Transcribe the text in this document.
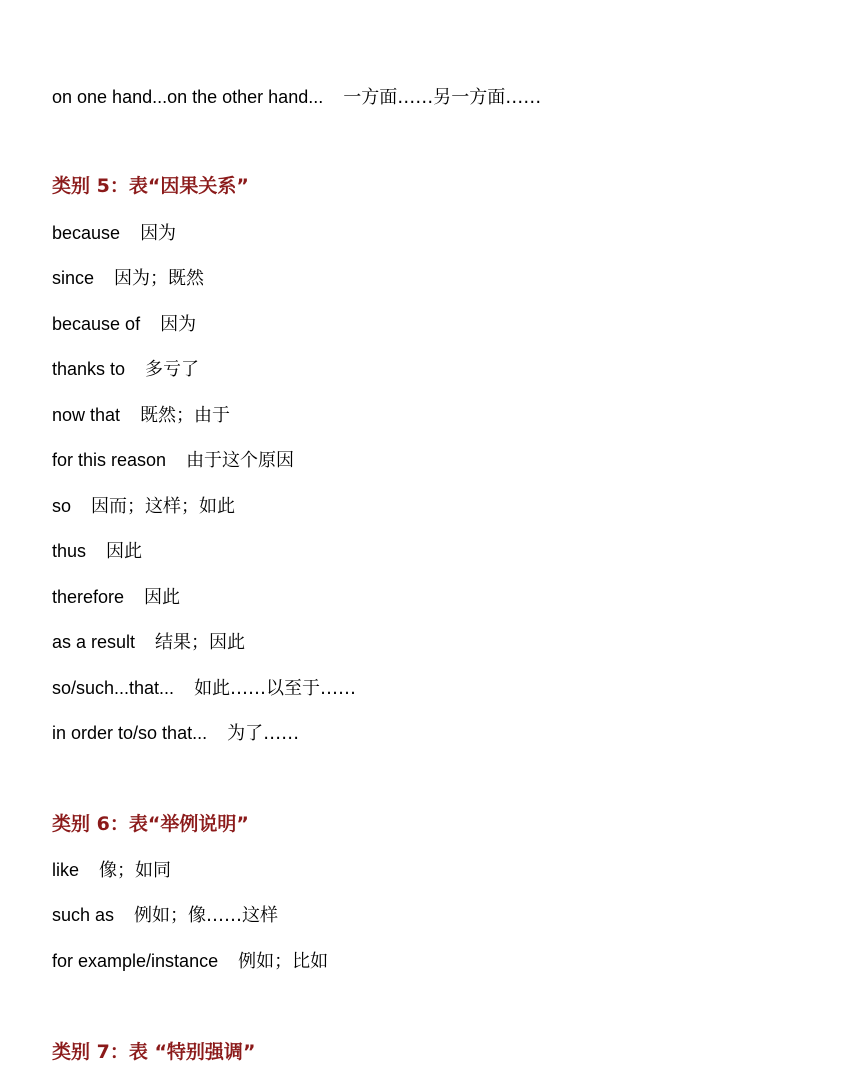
on one hand...on the other hand... 一方面……另一方面……
类别 5：表“因果关系”
because 因为
since 因为；既然
because of 因为
thanks to 多亏了
now that 既然；由于
for this reason 由于这个原因
so 因而；这样；如此
thus 因此
therefore 因此
as a result 结果；因此
so/such...that... 如此……以至于……
in order to/so that... 为了……
类别 6：表“举例说明”
like 像；如同
such as 例如；像……这样
for example/instance 例如；比如
类别 7：表 “特别强调”
